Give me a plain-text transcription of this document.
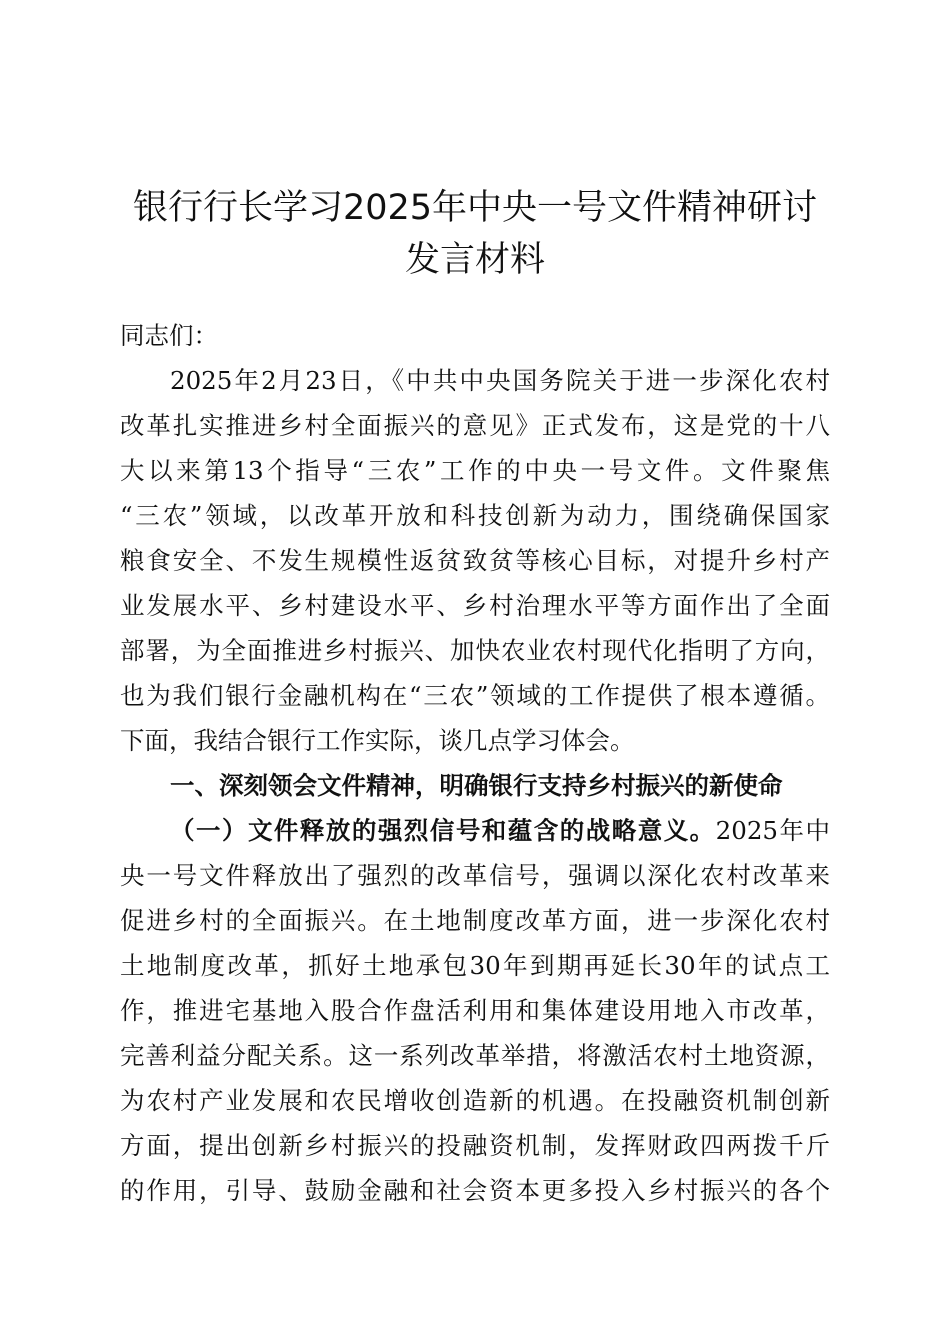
银行行长学习2025年中央一号文件精神研讨
发言材料

同志们：

2025年2月23日，《中共中央国务院关于进一步深化农村

改革扎实推进乡村全面振兴的意见》正式发布，这是党的十八

大以来第13个指导“三农”工作的中央一号文件。文件聚焦

“三农”领域，以改革开放和科技创新为动力，围绕确保国家

粮食安全、不发生规模性返贫致贫等核心目标，对提升乡村产

业发展水平、乡村建设水平、乡村治理水平等方面作出了全面

部署，为全面推进乡村振兴、加快农业农村现代化指明了方向，

也为我们银行金融机构在“三农”领域的工作提供了根本遵循。

下面，我结合银行工作实际，谈几点学习体会。

一、深刻领会文件精神，明确银行支持乡村振兴的新使命

（一）文件释放的强烈信号和蕴含的战略意义。2025年中

央一号文件释放出了强烈的改革信号，强调以深化农村改革来

促进乡村的全面振兴。在土地制度改革方面，进一步深化农村

土地制度改革，抓好土地承包30年到期再延长30年的试点工

作，推进宅基地入股合作盘活利用和集体建设用地入市改革，

完善利益分配关系。这一系列改革举措，将激活农村土地资源，

为农村产业发展和农民增收创造新的机遇。在投融资机制创新

方面，提出创新乡村振兴的投融资机制，发挥财政四两拨千斤

的作用，引导、鼓励金融和社会资本更多投入乡村振兴的各个
